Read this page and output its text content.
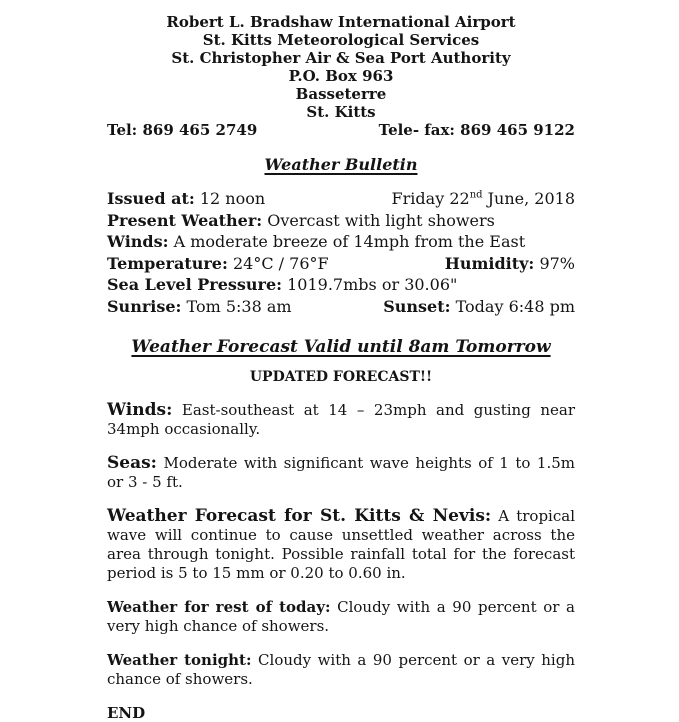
Robert L. Bradshaw International Airport
St. Kitts Meteorological Services
St. Christopher Air & Sea Port Authority
P.O. Box 963
Basseterre
St. Kitts
Tel: 869 465 2749	Tele- fax: 869 465 9122
Weather Bulletin
Issued at: 12 noon	Friday 22nd June, 2018
Present Weather: Overcast with light showers
Winds: A moderate breeze of 14mph from the East
Temperature: 24°C / 76°F	Humidity: 97%
Sea Level Pressure: 1019.7mbs or 30.06"
Sunrise: Tom 5:38 am	Sunset: Today 6:48 pm
Weather Forecast Valid until 8am Tomorrow
UPDATED FORECAST!!

Winds: East-southeast at 14 – 23mph and gusting near 34mph occasionally.

Seas: Moderate with significant wave heights of 1 to 1.5m or 3 - 5 ft.

Weather Forecast for St. Kitts & Nevis: A tropical wave will continue to cause unsettled weather across the area through tonight. Possible rainfall total for the forecast period is 5 to 15 mm or 0.20 to 0.60 in.

Weather for rest of today: Cloudy with a 90 percent or a very high chance of showers.

Weather tonight: Cloudy with a 90 percent or a very high chance of showers.

END
